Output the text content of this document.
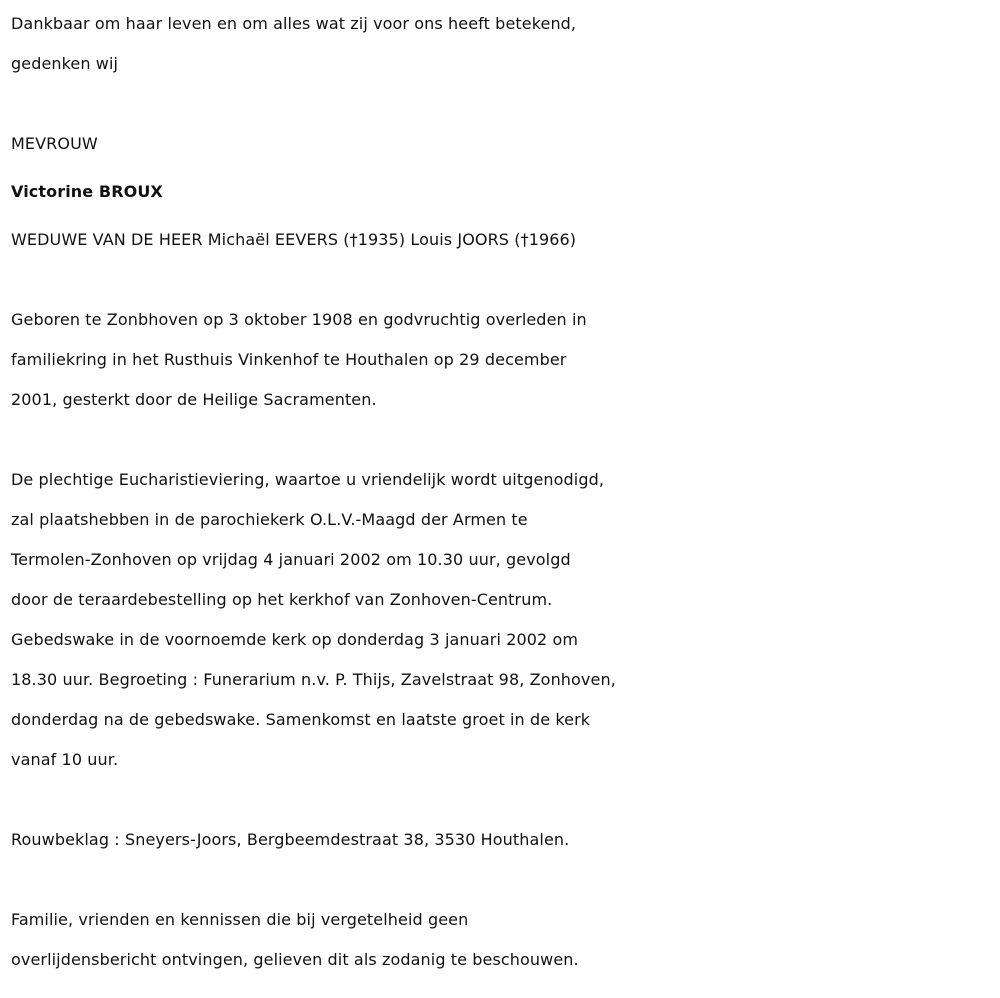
Dankbaar om haar leven en om alles wat zij voor ons heeft betekend,
gedenken wij
MEVROUW
Victorine BROUX
WEDUWE VAN DE HEER Michaël EEVERS (†1935) Louis JOORS (†1966)
Geboren te Zonbhoven op 3 oktober 1908 en godvruchtig overleden in
familiekring in het Rusthuis Vinkenhof te Houthalen op 29 december
2001, gesterkt door de Heilige Sacramenten.
De plechtige Eucharistieviering, waartoe u vriendelijk wordt uitgenodigd,
zal plaatshebben in de parochiekerk O.L.V.-Maagd der Armen te
Termolen-Zonhoven op vrijdag 4 januari 2002 om 10.30 uur, gevolgd
door de teraardebestelling op het kerkhof van Zonhoven-Centrum.
Gebedswake in de voornoemde kerk op donderdag 3 januari 2002 om
18.30 uur. Begroeting : Funerarium n.v. P. Thijs, Zavelstraat 98, Zonhoven,
donderdag na de gebedswake. Samenkomst en laatste groet in de kerk
vanaf 10 uur.
Rouwbeklag : Sneyers-Joors, Bergbeemdestraat 38, 3530 Houthalen.
Familie, vrienden en kennissen die bij vergetelheid geen
overlijdensbericht ontvingen, gelieven dit als zodanig te beschouwen.
